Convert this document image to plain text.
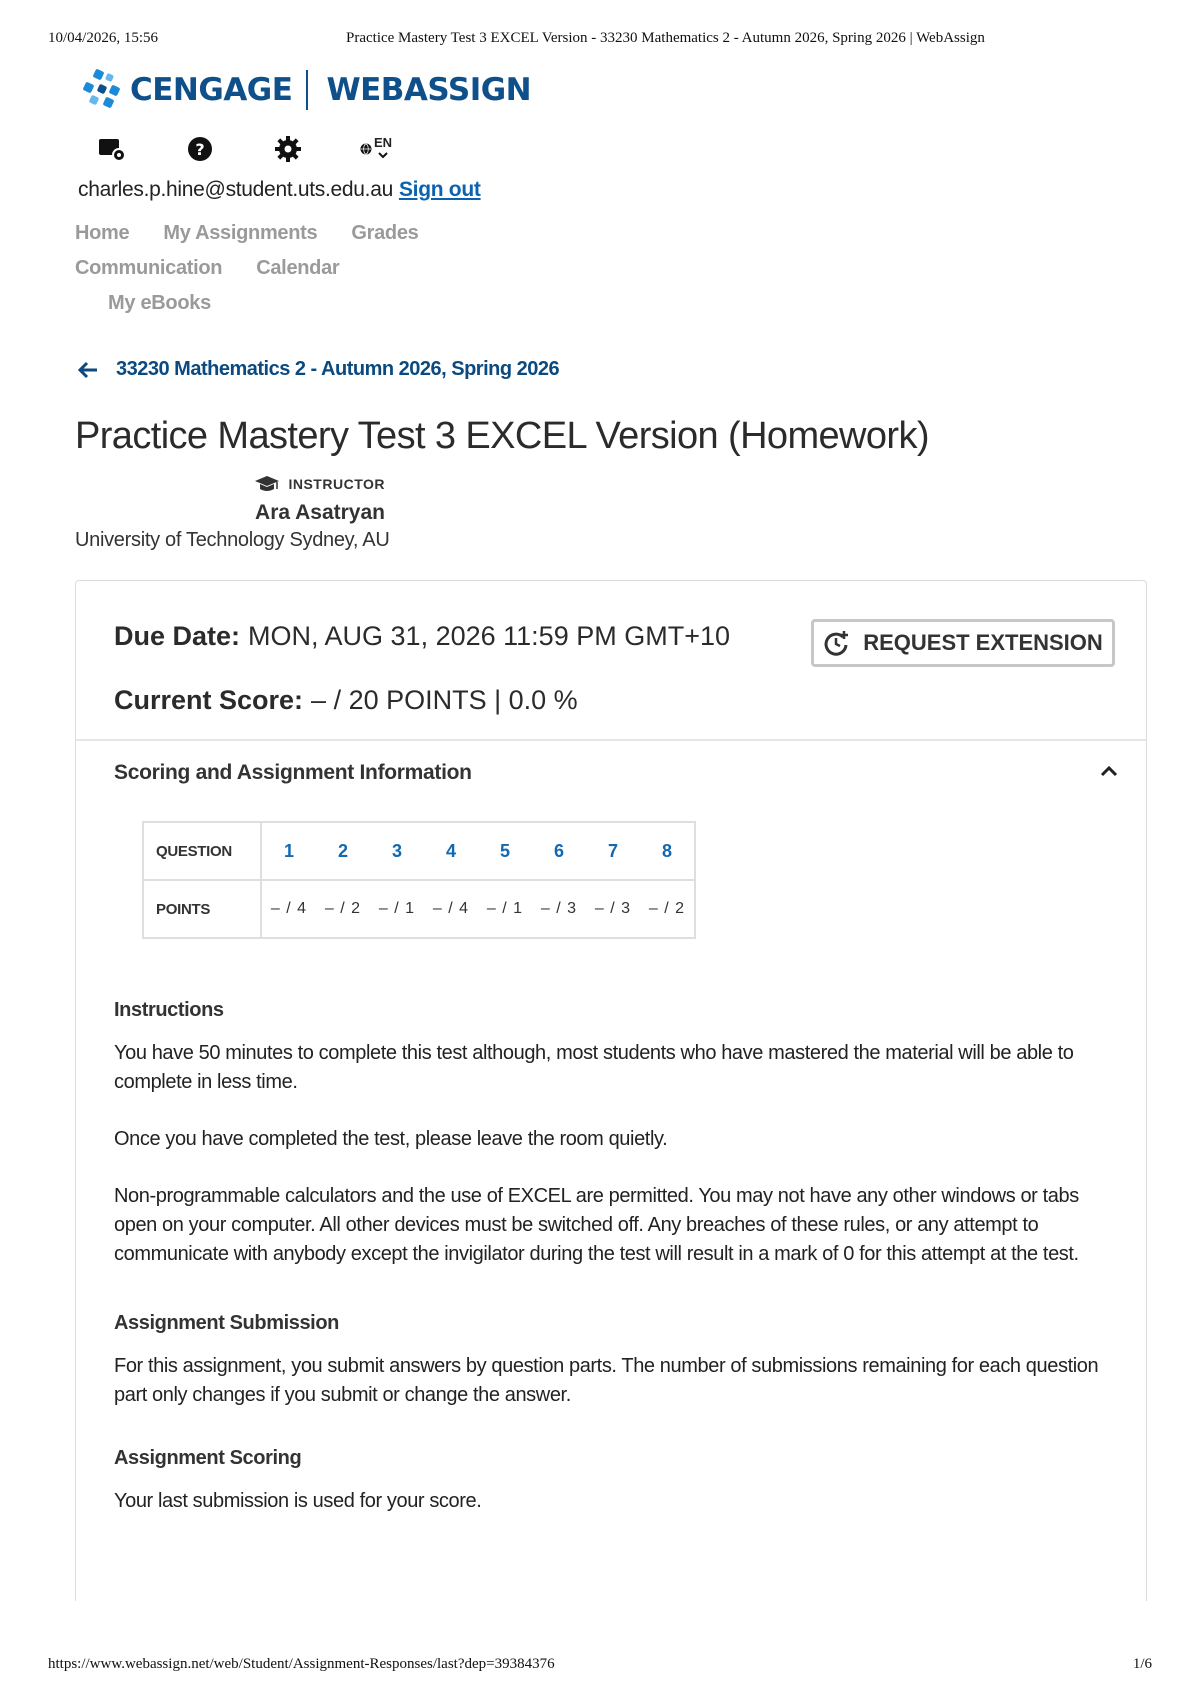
10/04/2026, 15:56	Practice Mastery Test 3 EXCEL Version - 33230 Mathematics 2 - Autumn 2026, Spring 2026 | WebAssign
CENGAGE WEBASSIGN
?	EN
charles.p.hine@student.uts.edu.au Sign out
Home My Assignments Grades
Communication Calendar
My eBooks
33230 Mathematics 2 - Autumn 2026, Spring 2026
Practice Mastery Test 3 EXCEL Version (Homework)
INSTRUCTOR
Ara Asatryan
University of Technology Sydney, AU
Due Date: MON, AUG 31, 2026 11:59 PM GMT+10
Current Score: – / 20 POINTS | 0.0 %
REQUEST EXTENSION
Scoring and Assignment Information
QUESTION	1	2	3	4	5	6	7	8
POINTS	– / 4	– / 2	– / 1	– / 4	– / 1	– / 3	– / 3	– / 2
Instructions

You have 50 minutes to complete this test although, most students who have mastered the material will be able to complete in less time.

Once you have completed the test, please leave the room quietly.

Non-programmable calculators and the use of EXCEL are permitted. You may not have any other windows or tabs open on your computer. All other devices must be switched off. Any breaches of these rules, or any attempt to communicate with anybody except the invigilator during the test will result in a mark of 0 for this attempt at the test.

Assignment Submission

For this assignment, you submit answers by question parts. The number of submissions remaining for each question part only changes if you submit or change the answer.

Assignment Scoring

Your last submission is used for your score.

https://www.webassign.net/web/Student/Assignment-Responses/last?dep=39384376	1/6
